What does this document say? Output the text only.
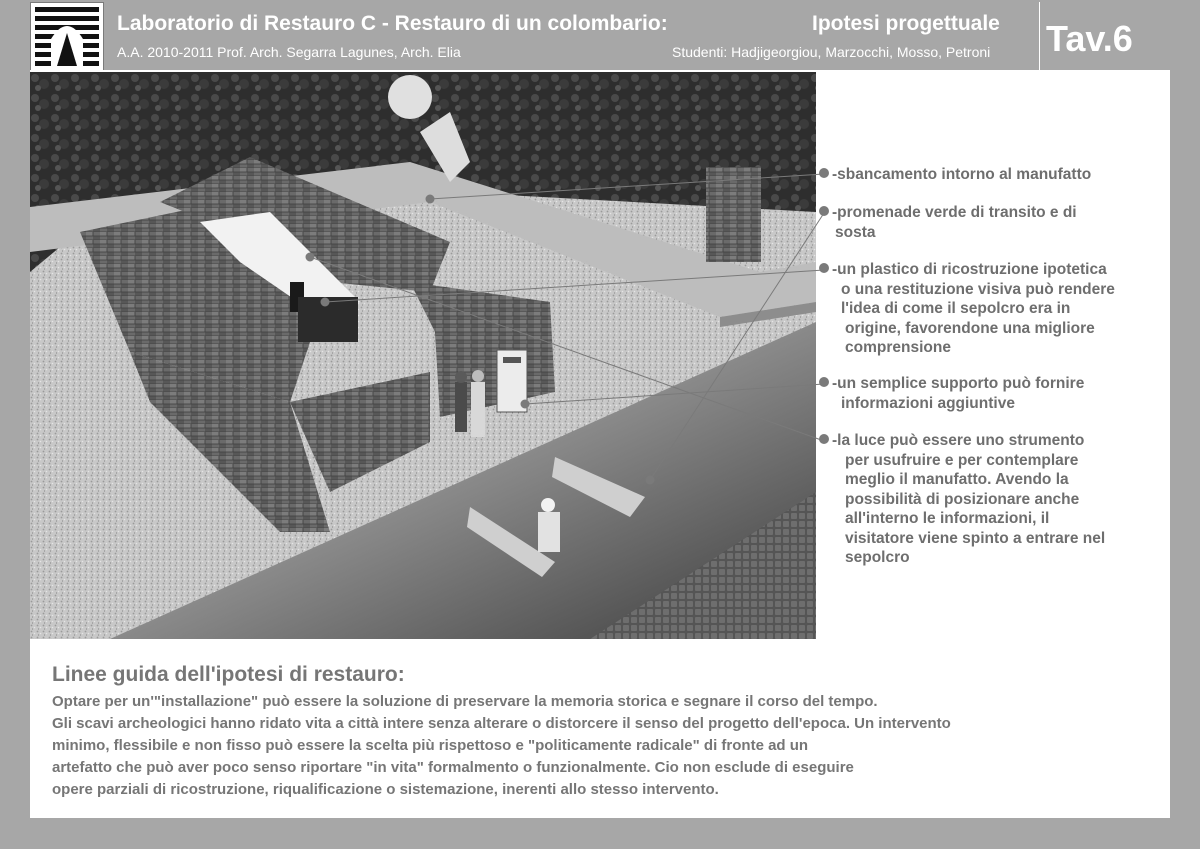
Laboratorio di Restauro C - Restauro di un colombario:	Ipotesi progettuale
A.A. 2010-2011 Prof. Arch. Segarra Lagunes, Arch. Elia	Studenti: Hadjigeorgiou, Marzocchi, Mosso, Petroni Tav.6
-sbancamento intorno al manufatto
-promenade verde di transito e di
sosta
-un plastico di ricostruzione ipotetica
o una restituzione visiva può rendere
l'idea di come il sepolcro era in
origine, favorendone una migliore
comprensione
-un semplice supporto può fornire
informazioni aggiuntive
-la luce può essere uno strumento
per usufruire e per contemplare
meglio il manufatto. Avendo la
possibilità di posizionare anche
all'interno le informazioni, il
visitatore viene spinto a entrare nel
sepolcro
Linee guida dell'ipotesi di restauro:
Optare per un'"installazione" può essere la soluzione di preservare la memoria storica e segnare il corso del tempo.
Gli scavi archeologici hanno ridato vita a città intere senza alterare o distorcere il senso del progetto dell'epoca. Un intervento
minimo, flessibile e non fisso può essere la scelta più rispettoso e "politicamente radicale" di fronte ad un
artefatto che può aver poco senso riportare "in vita" formalmento o funzionalmente. Cio non esclude di eseguire
opere parziali di ricostruzione, riqualificazione o sistemazione, inerenti allo stesso intervento.
